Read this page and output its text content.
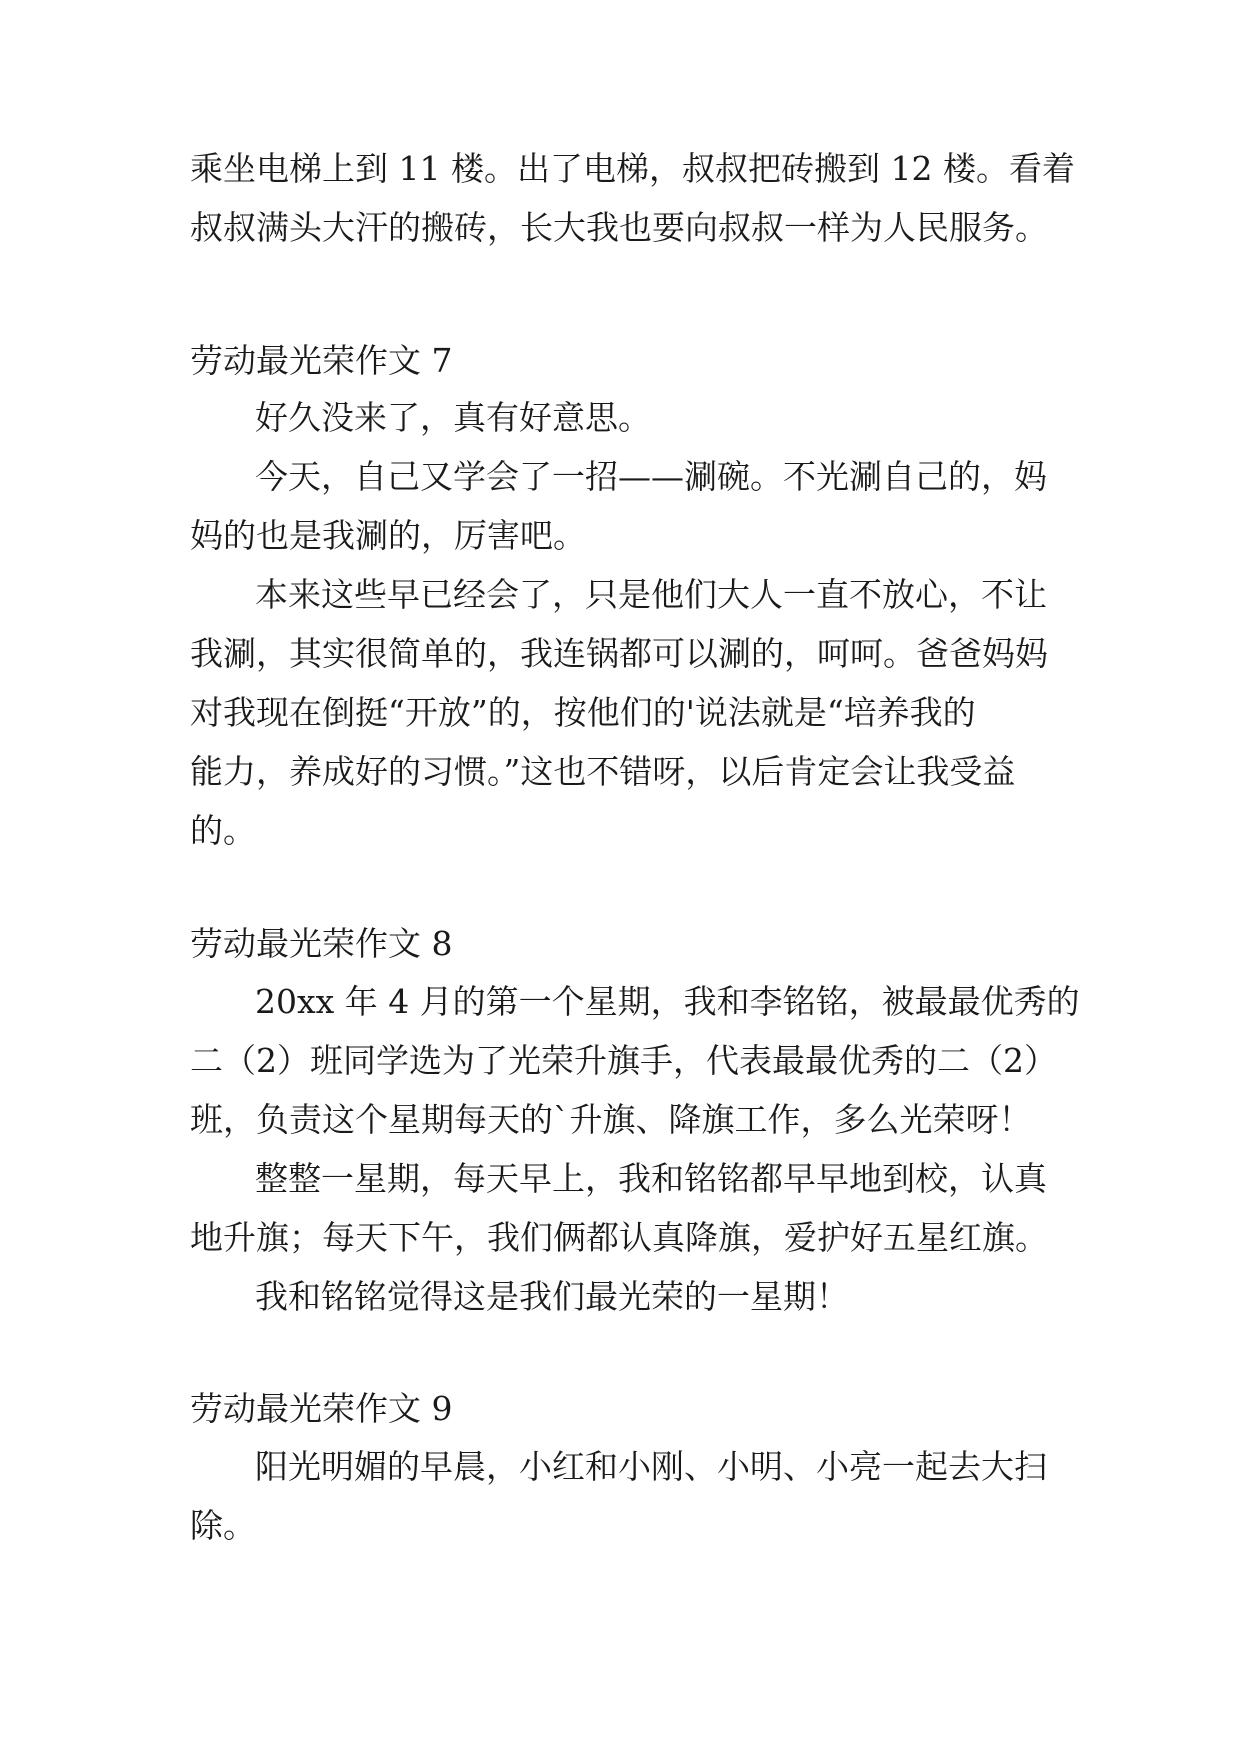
乘坐电梯上到 11 楼。出了电梯，叔叔把砖搬到 12 楼。看着

叔叔满头大汗的搬砖，长大我也要向叔叔一样为人民服务。

劳动最光荣作文 7

好久没来了，真有好意思。

今天，自己又学会了一招——涮碗。不光涮自己的，妈

妈的也是我涮的，厉害吧。

本来这些早已经会了，只是他们大人一直不放心，不让

我涮，其实很简单的，我连锅都可以涮的，呵呵。爸爸妈妈

对我现在倒挺“开放”的，按他们的'说法就是“培养我的

能力，养成好的习惯。”这也不错呀，以后肯定会让我受益

的。

劳动最光荣作文 8

20xx 年 4 月的第一个星期，我和李铭铭，被最最优秀的

二（2）班同学选为了光荣升旗手，代表最最优秀的二（2）

班，负责这个星期每天的`升旗、降旗工作，多么光荣呀！

整整一星期，每天早上，我和铭铭都早早地到校，认真

地升旗；每天下午，我们俩都认真降旗，爱护好五星红旗。

我和铭铭觉得这是我们最光荣的一星期！

劳动最光荣作文 9

阳光明媚的早晨，小红和小刚、小明、小亮一起去大扫

除。
